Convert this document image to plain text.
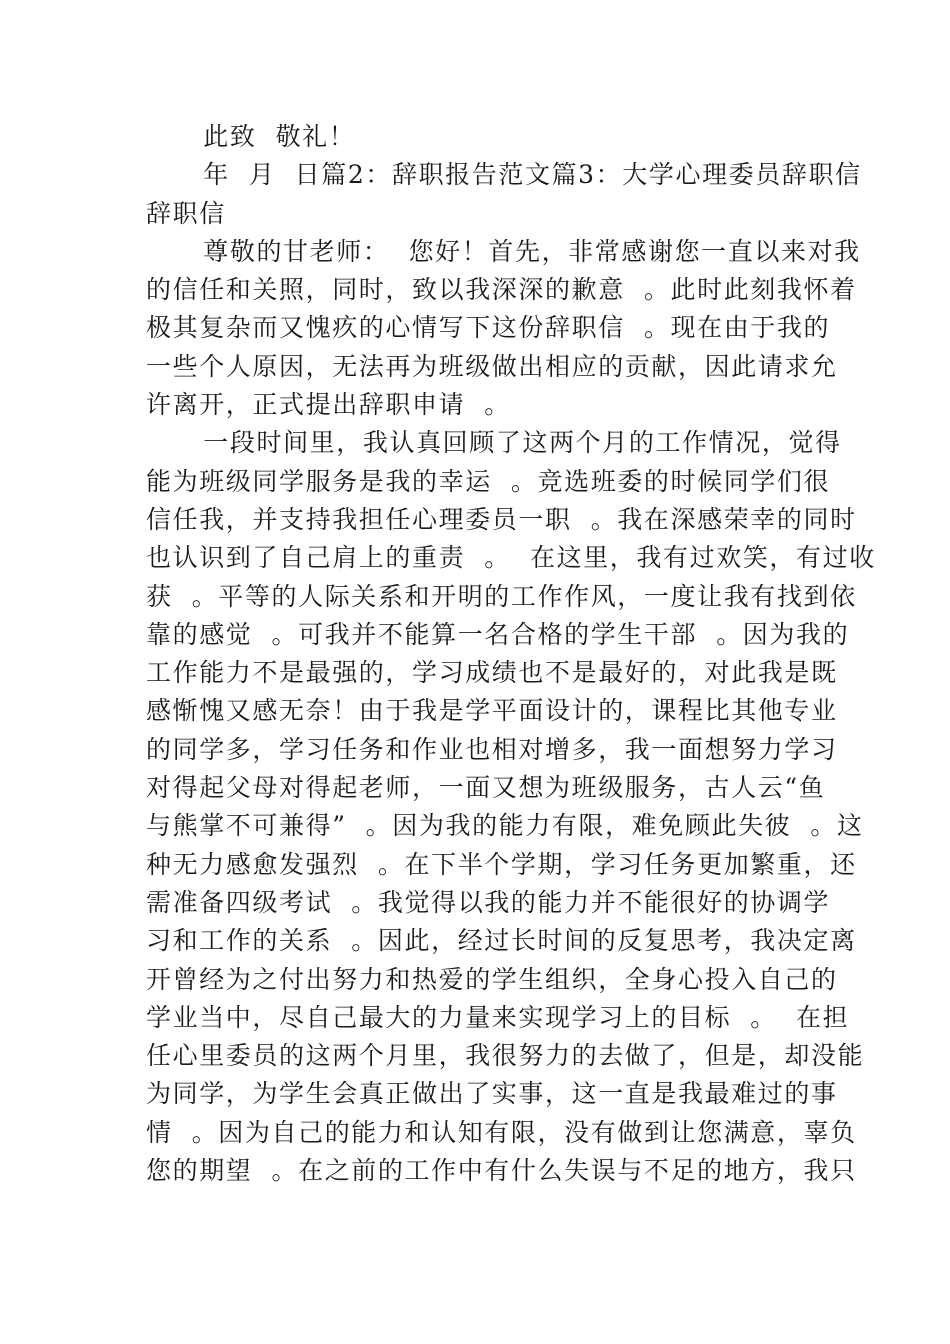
此致  敬礼！
年  月  日篇2：辞职报告范文篇3：大学心理委员辞职信
辞职信
尊敬的甘老师：  您好！首先，非常感谢您一直以来对我
的信任和关照，同时，致以我深深的歉意  。此时此刻我怀着
极其复杂而又愧疚的心情写下这份辞职信  。现在由于我的
一些个人原因，无法再为班级做出相应的贡献，因此请求允
许离开，正式提出辞职申请  。
一段时间里，我认真回顾了这两个月的工作情况，觉得
能为班级同学服务是我的幸运  。竞选班委的时候同学们很
信任我，并支持我担任心理委员一职  。我在深感荣幸的同时
也认识到了自己肩上的重责  。  在这里，我有过欢笑，有过收
获  。平等的人际关系和开明的工作作风，一度让我有找到依
靠的感觉  。可我并不能算一名合格的学生干部  。因为我的
工作能力不是最强的，学习成绩也不是最好的，对此我是既
感惭愧又感无奈！由于我是学平面设计的，课程比其他专业
的同学多，学习任务和作业也相对增多，我一面想努力学习
对得起父母对得起老师，一面又想为班级服务，古人云“鱼
与熊掌不可兼得”  。因为我的能力有限，难免顾此失彼  。这
种无力感愈发强烈  。在下半个学期，学习任务更加繁重，还
需准备四级考试  。我觉得以我的能力并不能很好的协调学
习和工作的关系  。因此，经过长时间的反复思考，我决定离
开曾经为之付出努力和热爱的学生组织，全身心投入自己的
学业当中，尽自己最大的力量来实现学习上的目标  。  在担
任心里委员的这两个月里，我很努力的去做了，但是，却没能
为同学，为学生会真正做出了实事，这一直是我最难过的事
情  。因为自己的能力和认知有限，没有做到让您满意，辜负
您的期望  。在之前的工作中有什么失误与不足的地方，我只
